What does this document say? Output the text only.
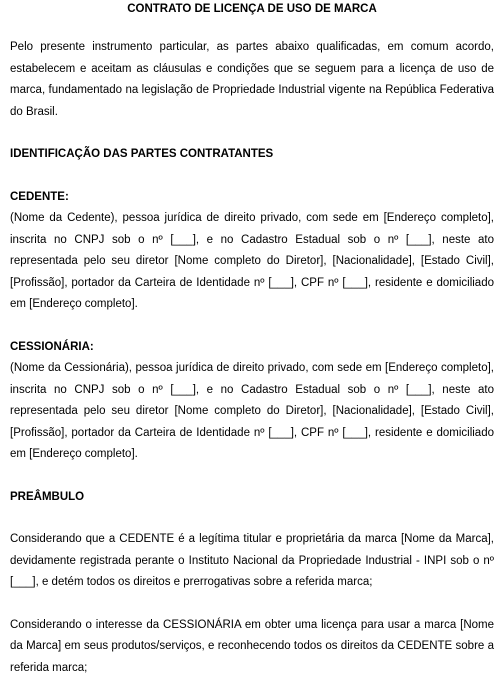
CONTRATO DE LICENÇA DE USO DE MARCA

Pelo presente instrumento particular, as partes abaixo qualificadas, em comum acordo, estabelecem e aceitam as cláusulas e condições que se seguem para a licença de uso de marca, fundamentado na legislação de Propriedade Industrial vigente na República Federativa do Brasil.

IDENTIFICAÇÃO DAS PARTES CONTRATANTES

CEDENTE:

(Nome da Cedente), pessoa jurídica de direito privado, com sede em [Endereço completo], inscrita no CNPJ sob o nº [___], e no Cadastro Estadual sob o nº [___], neste ato representada pelo seu diretor [Nome completo do Diretor], [Nacionalidade], [Estado Civil], [Profissão], portador da Carteira de Identidade nº [___], CPF nº [___], residente e domiciliado em [Endereço completo].

CESSIONÁRIA:

(Nome da Cessionária), pessoa jurídica de direito privado, com sede em [Endereço completo], inscrita no CNPJ sob o nº [___], e no Cadastro Estadual sob o nº [___], neste ato representada pelo seu diretor [Nome completo do Diretor], [Nacionalidade], [Estado Civil], [Profissão], portador da Carteira de Identidade nº [___], CPF nº [___], residente e domiciliado em [Endereço completo].

PREÂMBULO

Considerando que a CEDENTE é a legítima titular e proprietária da marca [Nome da Marca], devidamente registrada perante o Instituto Nacional da Propriedade Industrial - INPI sob o nº [___], e detém todos os direitos e prerrogativas sobre a referida marca;

Considerando o interesse da CESSIONÁRIA em obter uma licença para usar a marca [Nome da Marca] em seus produtos/serviços, e reconhecendo todos os direitos da CEDENTE sobre a referida marca;
